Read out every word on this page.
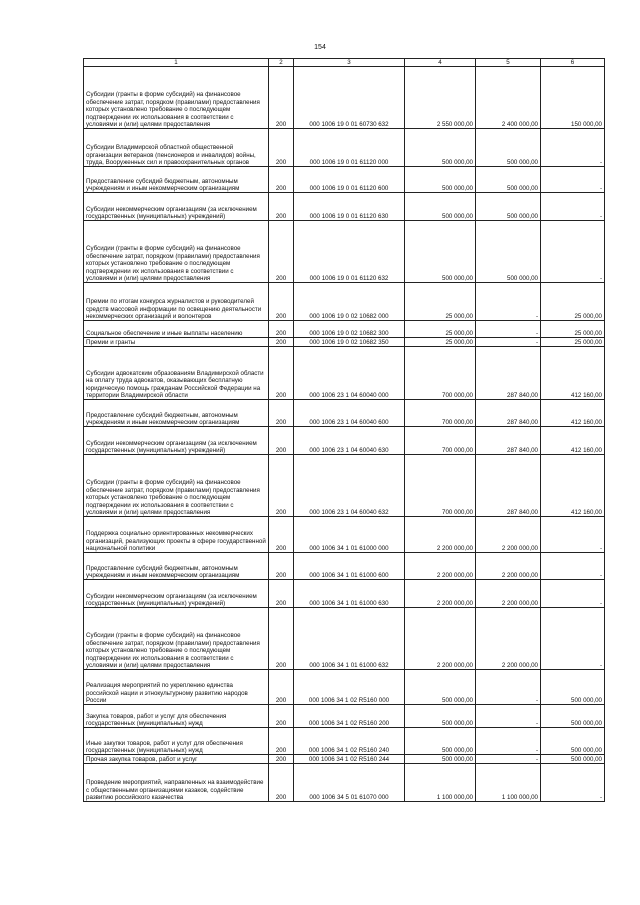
154
1	2	3	4	5	6

Субсидии (гранты в форме субсидий) на финансовое обеспечение затрат, порядком (правилами) предоставления которых установлено требование о последующем подтверждении их использования в соответствии с условиями и (или) целями предоставления	200	000 1006 19 0 01 60730 632	2 550 000,00	2 400 000,00	150 000,00

Субсидии Владимирской областной общественной организации ветеранов (пенсионеров и инвалидов) войны, труда, Вооруженных сил и правоохранительных органов	200	000 1006 19 0 01 61120 000	500 000,00	500 000,00	-

Предоставление субсидий бюджетным, автономным учреждениям и иным некоммерческим организациям	200	000 1006 19 0 01 61120 600	500 000,00	500 000,00	-

Субсидии некоммерческим организациям (за исключением государственных (муниципальных) учреждений)	200	000 1006 19 0 01 61120 630	500 000,00	500 000,00	-

Субсидии (гранты в форме субсидий) на финансовое обеспечение затрат, порядком (правилами) предоставления которых установлено требование о последующем подтверждении их использования в соответствии с условиями и (или) целями предоставления	200	000 1006 19 0 01 61120 632	500 000,00	500 000,00	-

Премии по итогам конкурса журналистов и руководителей средств массовой информации по освещению деятельности некоммерческих организаций и волонтеров	200	000 1006 19 0 02 10682 000	25 000,00	-	25 000,00

Социальное обеспечение и иные выплаты населению	200	000 1006 19 0 02 10682 300	25 000,00	-	25 000,00

Премии и гранты	200	000 1006 19 0 02 10682 350	25 000,00	-	25 000,00

Субсидии адвокатским образованиям Владимирской области на оплату труда адвокатов, оказывающих бесплатную юридическую помощь гражданам Российской Федерации на территории Владимирской области	200	000 1006 23 1 04 60040 000	700 000,00	287 840,00	412 160,00

Предоставление субсидий бюджетным, автономным учреждениям и иным некоммерческим организациям	200	000 1006 23 1 04 60040 600	700 000,00	287 840,00	412 160,00

Субсидии некоммерческим организациям (за исключением государственных (муниципальных) учреждений)	200	000 1006 23 1 04 60040 630	700 000,00	287 840,00	412 160,00

Субсидии (гранты в форме субсидий) на финансовое обеспечение затрат, порядком (правилами) предоставления которых установлено требование о последующем подтверждении их использования в соответствии с условиями и (или) целями предоставления	200	000 1006 23 1 04 60040 632	700 000,00	287 840,00	412 160,00

Поддержка социально ориентированных некоммерческих организаций, реализующих проекты в сфере государственной национальной политики	200	000 1006 34 1 01 61000 000	2 200 000,00	2 200 000,00	-

Предоставление субсидий бюджетным, автономным учреждениям и иным некоммерческим организациям	200	000 1006 34 1 01 61000 600	2 200 000,00	2 200 000,00	-

Субсидии некоммерческим организациям (за исключением государственных (муниципальных) учреждений)	200	000 1006 34 1 01 61000 630	2 200 000,00	2 200 000,00	-

Субсидии (гранты в форме субсидий) на финансовое обеспечение затрат, порядком (правилами) предоставления которых установлено требование о последующем подтверждении их использования в соответствии с условиями и (или) целями предоставления	200	000 1006 34 1 01 61000 632	2 200 000,00	2 200 000,00	-

Реализация мероприятий по укреплению единства российской нации и этнокультурному развитию народов России	200	000 1006 34 1 02 R5160 000	500 000,00	-	500 000,00

Закупка товаров, работ и услуг для обеспечения государственных (муниципальных) нужд	200	000 1006 34 1 02 R5160 200	500 000,00	-	500 000,00

Иные закупки товаров, работ и услуг для обеспечения государственных (муниципальных) нужд	200	000 1006 34 1 02 R5160 240	500 000,00	-	500 000,00

Прочая закупка товаров, работ и услуг	200	000 1006 34 1 02 R5160 244	500 000,00	-	500 000,00

Проведение мероприятий, направленных на взаимодействие с общественными организациями казаков, содействие развитию российского казачества	200	000 1006 34 5 01 61070 000	1 100 000,00	1 100 000,00	-
